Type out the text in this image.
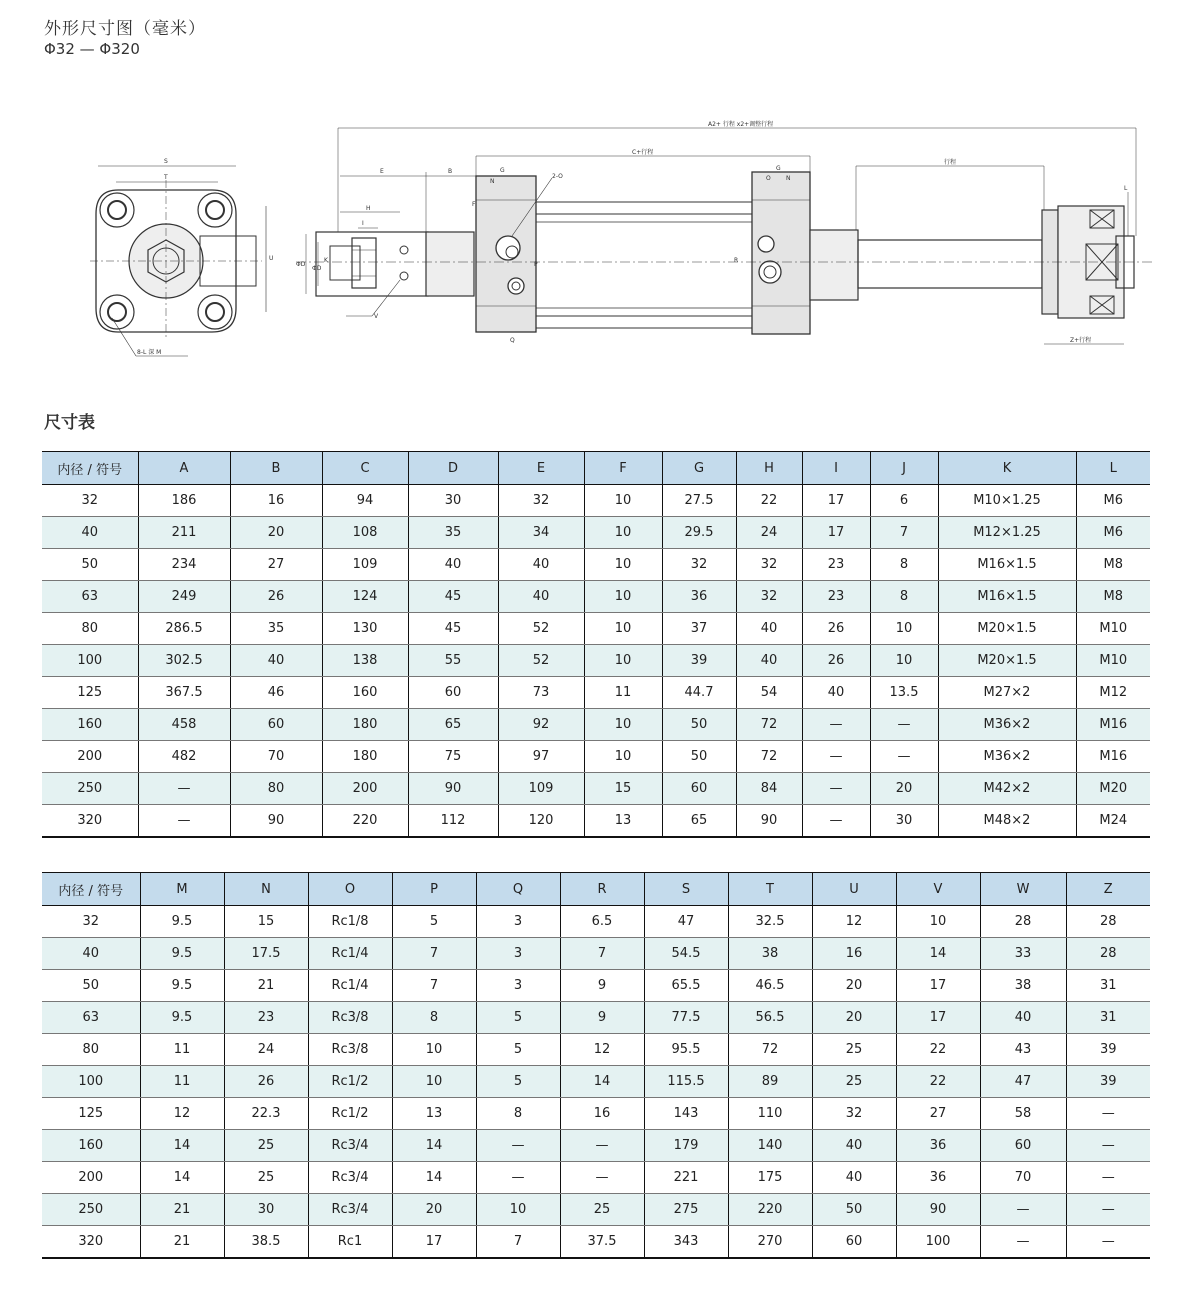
外形尺寸图（毫米）
Φ32 — Φ320
S
T
U
8-L 深 M
A2+ 行程 x2+调整行程
C+行程
行程
E	B
H
I
ΦD
ΦD
K
V
N
G
2-O
F
P
Q
G
O	N
R
Z+行程
L
尺寸表
内径 / 符号	A	B	C	D	E	F	G	H	I	J	K	L
32	186	16	94	30	32	10	27.5	22	17	6	M10×1.25	M6
40	211	20	108	35	34	10	29.5	24	17	7	M12×1.25	M6
50	234	27	109	40	40	10	32	32	23	8	M16×1.5	M8
63	249	26	124	45	40	10	36	32	23	8	M16×1.5	M8
80	286.5	35	130	45	52	10	37	40	26	10	M20×1.5	M10
100	302.5	40	138	55	52	10	39	40	26	10	M20×1.5	M10
125	367.5	46	160	60	73	11	44.7	54	40	13.5	M27×2	M12
160	458	60	180	65	92	10	50	72	—	—	M36×2	M16
200	482	70	180	75	97	10	50	72	—	—	M36×2	M16
250	—	80	200	90	109	15	60	84	—	20	M42×2	M20
320	—	90	220	112	120	13	65	90	—	30	M48×2	M24
内径 / 符号	M	N	O	P	Q	R	S	T	U	V	W	Z
32	9.5	15	Rc1/8	5	3	6.5	47	32.5	12	10	28	28
40	9.5	17.5	Rc1/4	7	3	7	54.5	38	16	14	33	28
50	9.5	21	Rc1/4	7	3	9	65.5	46.5	20	17	38	31
63	9.5	23	Rc3/8	8	5	9	77.5	56.5	20	17	40	31
80	11	24	Rc3/8	10	5	12	95.5	72	25	22	43	39
100	11	26	Rc1/2	10	5	14	115.5	89	25	22	47	39
125	12	22.3	Rc1/2	13	8	16	143	110	32	27	58	—
160	14	25	Rc3/4	14	—	—	179	140	40	36	60	—
200	14	25	Rc3/4	14	—	—	221	175	40	36	70	—
250	21	30	Rc3/4	20	10	25	275	220	50	90	—	—
320	21	38.5	Rc1	17	7	37.5	343	270	60	100	—	—
